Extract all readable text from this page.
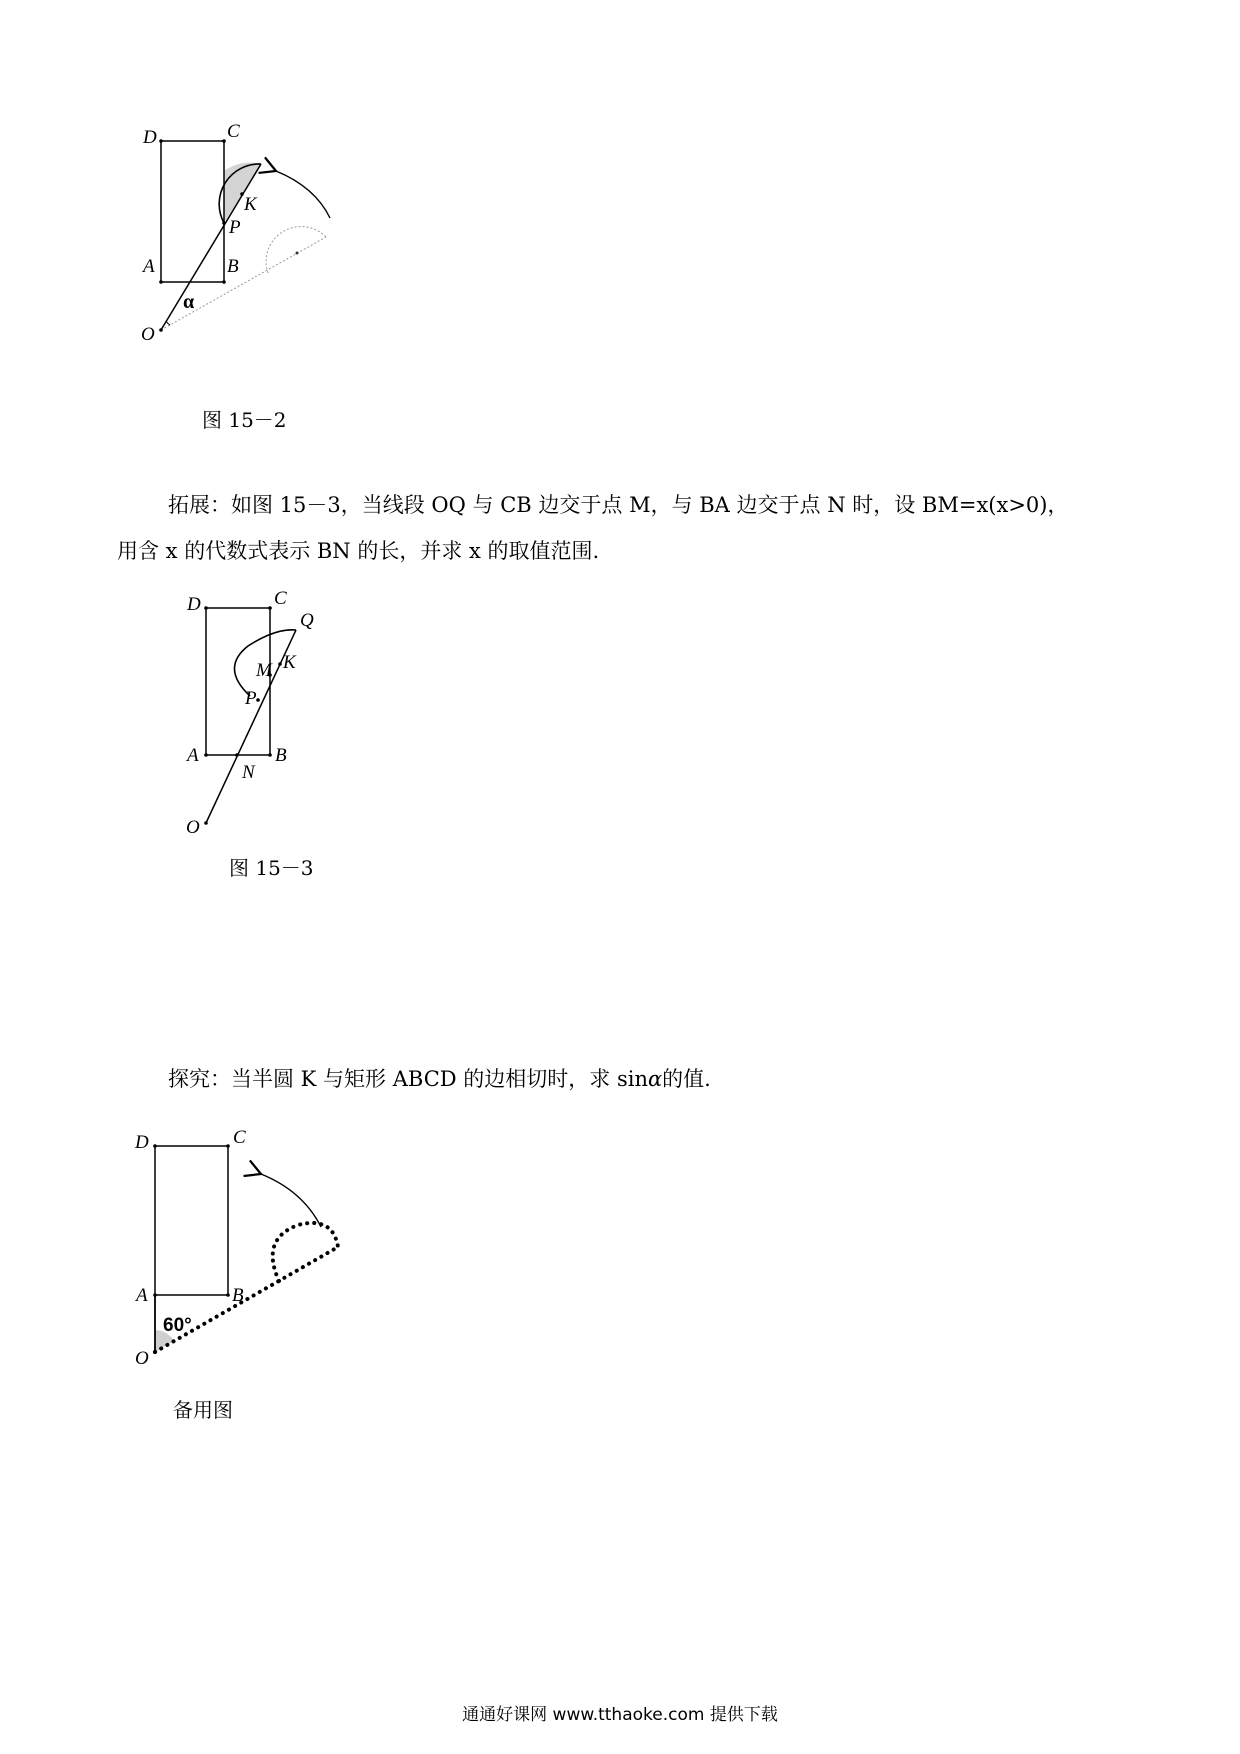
D	C
K
P
A	B
O
α
图 15－2
拓展：如图 15－3，当线段 OQ 与 CB 边交于点 M，与 BA 边交于点 N 时，设 BM=x(x>0)，
用含 x 的代数式表示 BN 的长，并求 x 的取值范围.
D	C
Q
M K
P
A	B
N
O
图 15－3
探究：当半圆 K 与矩形 ABCD 的边相切时，求 sinα的值.
D	C
A	B
O
60°
备用图
通通好课网 www.tthaoke.com 提供下载
